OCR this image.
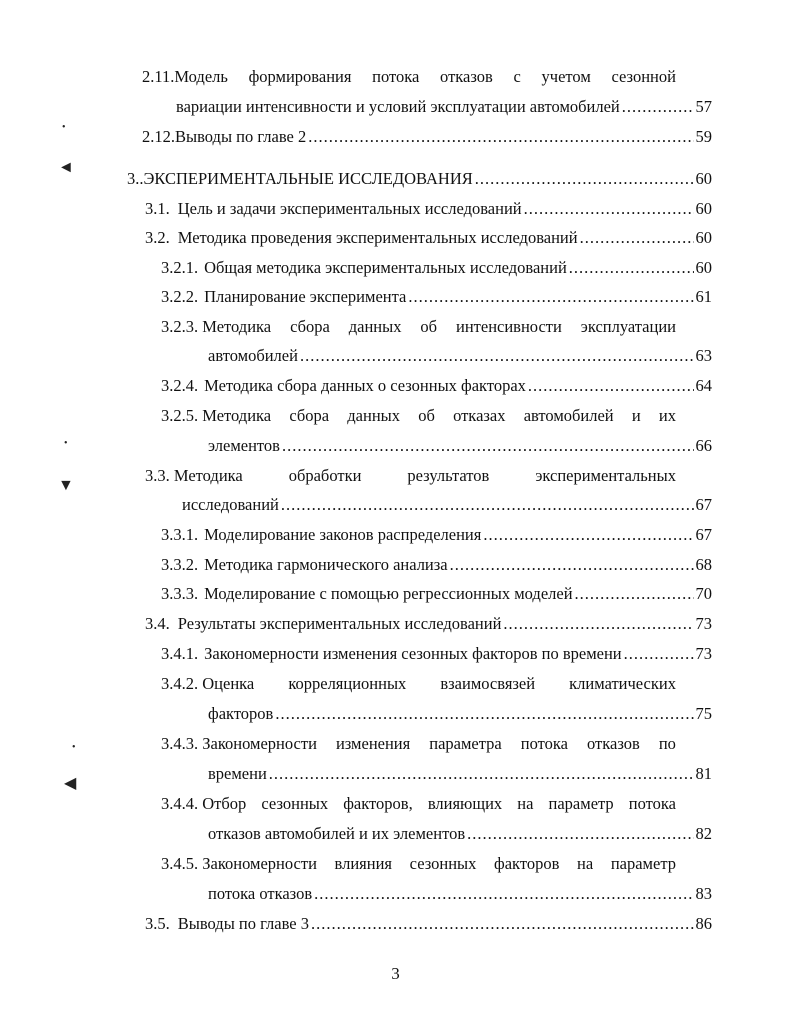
2.11.Модель формирования потока отказов с учетом сезонной
вариации интенсивности и условий эксплуатации автомобилей .....	57
2.12. Выводы по главе 2 .....	59
3.. ЭКСПЕРИМЕНТАЛЬНЫЕ ИССЛЕДОВАНИЯ .....	60
3.1. Цель и задачи экспериментальных исследований .....	60
3.2. Методика проведения экспериментальных исследований .....	60
3.2.1. Общая методика экспериментальных исследований .....	60
3.2.2. Планирование эксперимента .....	61
3.2.3. Методика сбора данных об интенсивности эксплуатации
автомобилей .....	63
3.2.4. Методика сбора данных о сезонных факторах .....	64
3.2.5. Методика сбора данных об отказах автомобилей и их
элементов .....	66
3.3. Методика	обработки	результатов	экспериментальных
исследований .....	67
3.3.1. Моделирование законов распределения .....	67
3.3.2. Методика гармонического анализа .....	68
3.3.3. Моделирование с помощью регрессионных моделей .....	70
3.4. Результаты экспериментальных исследований .....	73
3.4.1. Закономерности изменения сезонных факторов по времени .....	73
3.4.2. Оценка корреляционных взаимосвязей климатических
факторов .....	75
3.4.3. Закономерности изменения параметра потока отказов по
времени .....	81
3.4.4. Отбор сезонных факторов, влияющих на параметр потока
отказов автомобилей и их элементов .....	82
3.4.5. Закономерности влияния сезонных факторов на параметр
потока отказов .....	83
3.5. Выводы по главе 3 .....	86
3
•
◄
•
▼
•
◀
